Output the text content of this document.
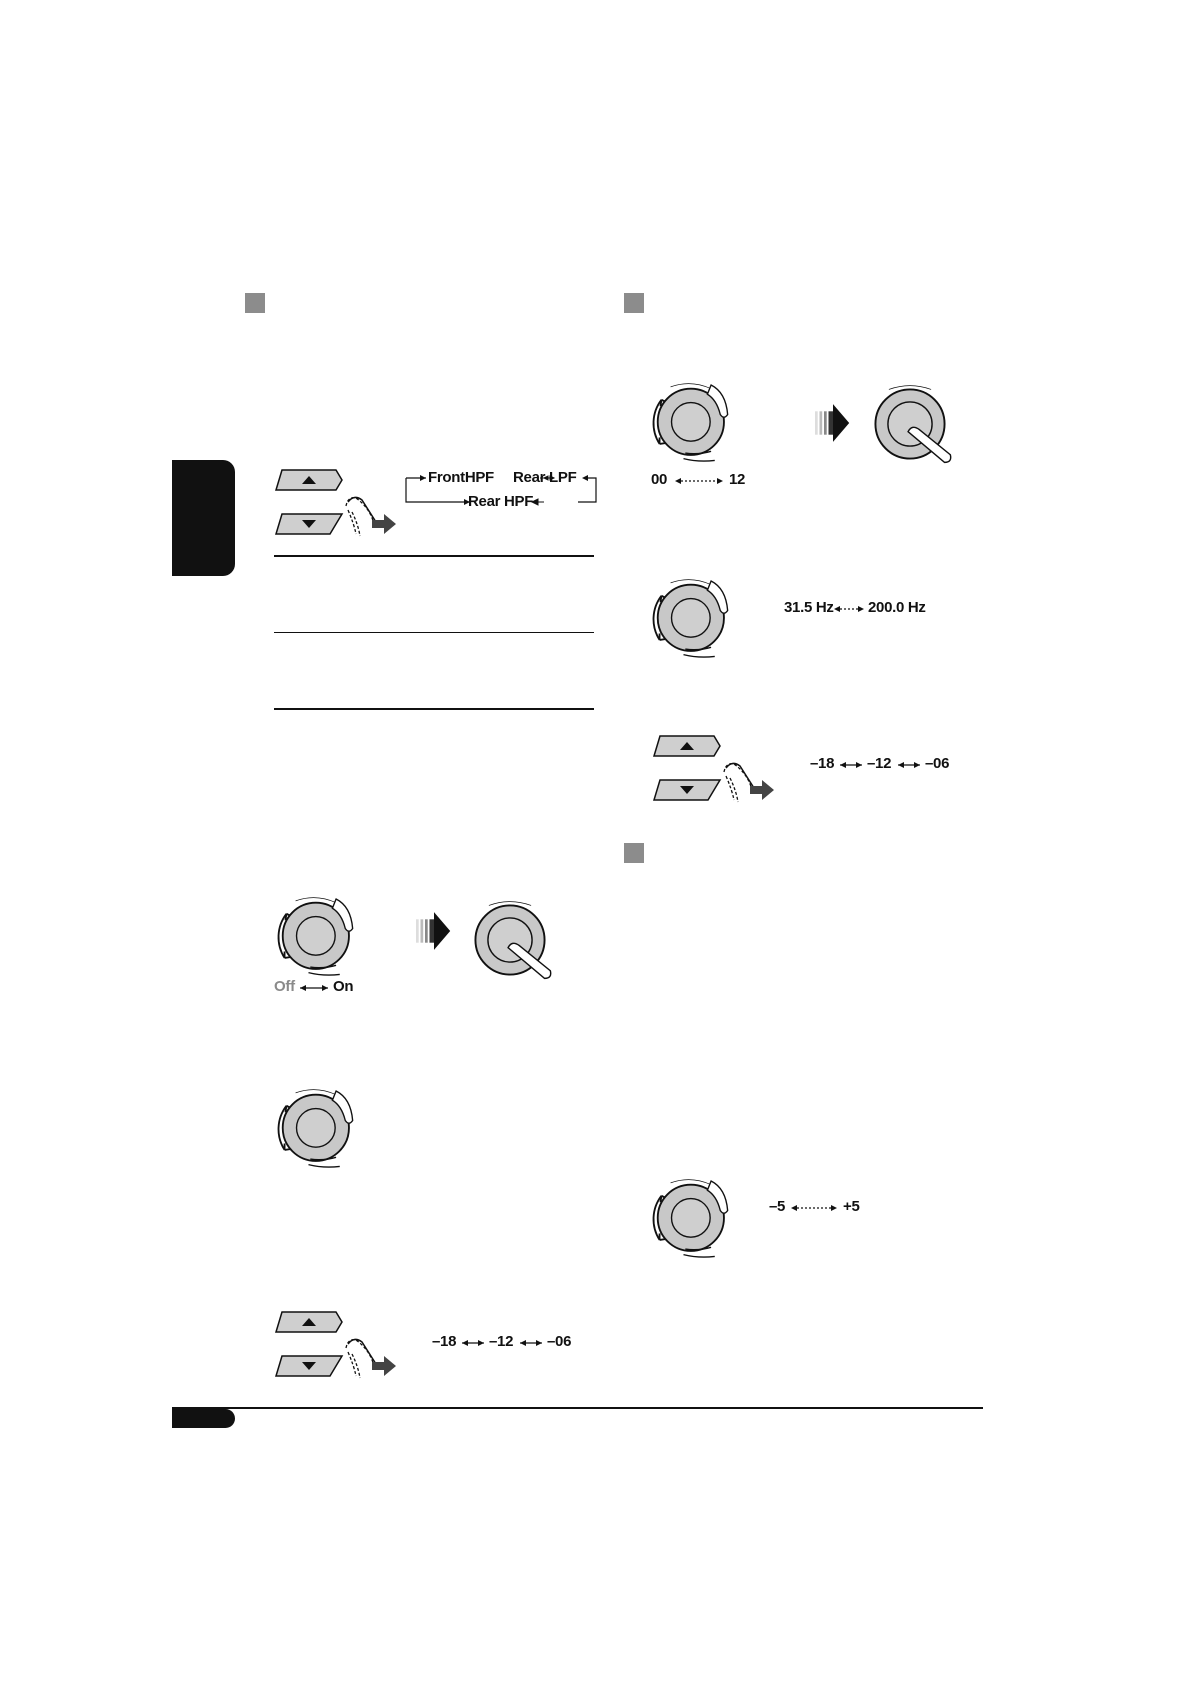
FrontHPF Rear LPF
Rear HPF
Off	On
–18 –12 –06
00	12
31.5 Hz 200.0 Hz
–18 –12 –06
–5	+5
